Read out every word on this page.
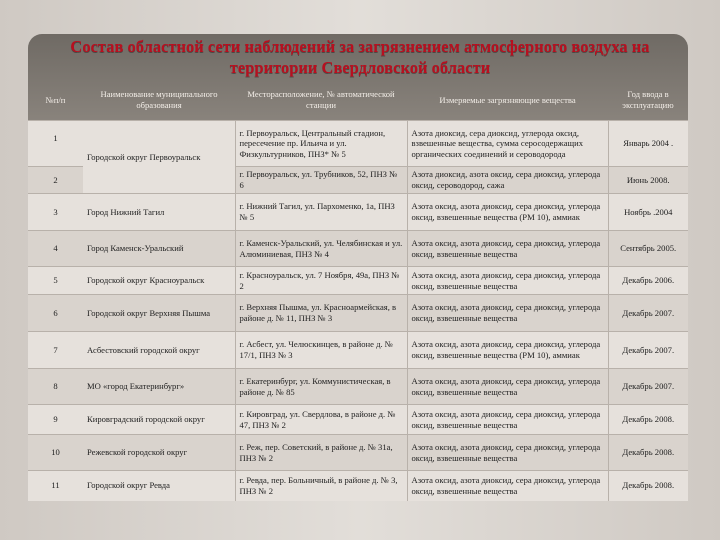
Состав областной сети наблюдений за загрязнением атмосферного воздуха на территории Свердловской области
№п/п	Наименование муниципального образования	Месторасположение, № автоматической станции	Измеряемые загрязняющие вещества	Год ввода в эксплуатацию
1	Городской округ Первоуральск	г. Первоуральск, Центральный стадион, пересечение пр. Ильича и ул. Физкультурников, ПНЗ* № 5	Азота диоксид, сера диоксид, углерода оксид, взвешенные вещества, сумма серосодержащих органических соединений и сероводорода	Январь 2004 .
2		г. Первоуральск, ул. Трубников, 52, ПНЗ № 6	Азота диоксид, азота оксид, сера диоксид, углерода оксид, сероводород, сажа	Июнь 2008.
3	Город Нижний Тагил	г. Нижний Тагил, ул. Пархоменко, 1а, ПНЗ № 5	Азота оксид, азота диоксид, сера диоксид, углерода оксид, взвешенные вещества (РМ 10), аммиак	Ноябрь .2004
4	Город Каменск-Уральский	г. Каменск-Уральский, ул. Челябинская и ул. Алюминиевая, ПНЗ № 4	Азота оксид, азота диоксид, сера диоксид, углерода оксид, взвешенные вещества	Сентябрь 2005.
5	Городской округ Красноуральск	г. Красноуральск, ул. 7 Ноября, 49а, ПНЗ № 2	Азота оксид, азота диоксид, сера диоксид, углерода оксид, взвешенные вещества	Декабрь 2006.
6	Городской округ Верхняя Пышма	г. Верхняя Пышма, ул. Красноармейская, в районе д. № 11, ПНЗ № 3	Азота оксид, азота диоксид, сера диоксид, углерода оксид, взвешенные вещества	Декабрь 2007.
7	Асбестовский городской округ	г. Асбест, ул. Челюскинцев, в районе д. № 17/1, ПНЗ № 3	Азота оксид, азота диоксид, сера диоксид, углерода оксид, взвешенные вещества (РМ 10), аммиак	Декабрь 2007.
8	МО «город Екатеринбург»	г. Екатеринбург, ул. Коммунистическая, в районе д. № 85	Азота оксид, азота диоксид, сера диоксид, углерода оксид, взвешенные вещества	Декабрь 2007.
9	Кировградский городской округ	г. Кировград, ул. Свердлова, в районе д. № 47, ПНЗ № 2	Азота оксид, азота диоксид, сера диоксид, углерода оксид, взвешенные вещества	Декабрь 2008.
10	Режевской городской округ	г. Реж, пер. Советский, в районе д. № 31а, ПНЗ № 2	Азота оксид, азота диоксид, сера диоксид, углерода оксид, взвешенные вещества	Декабрь 2008.
11	Городской округ Ревда	г. Ревда, пер. Больничный, в районе д. № 3, ПНЗ № 2	Азота оксид, азота диоксид, сера диоксид, углерода оксид, взвешенные вещества	Декабрь 2008.
